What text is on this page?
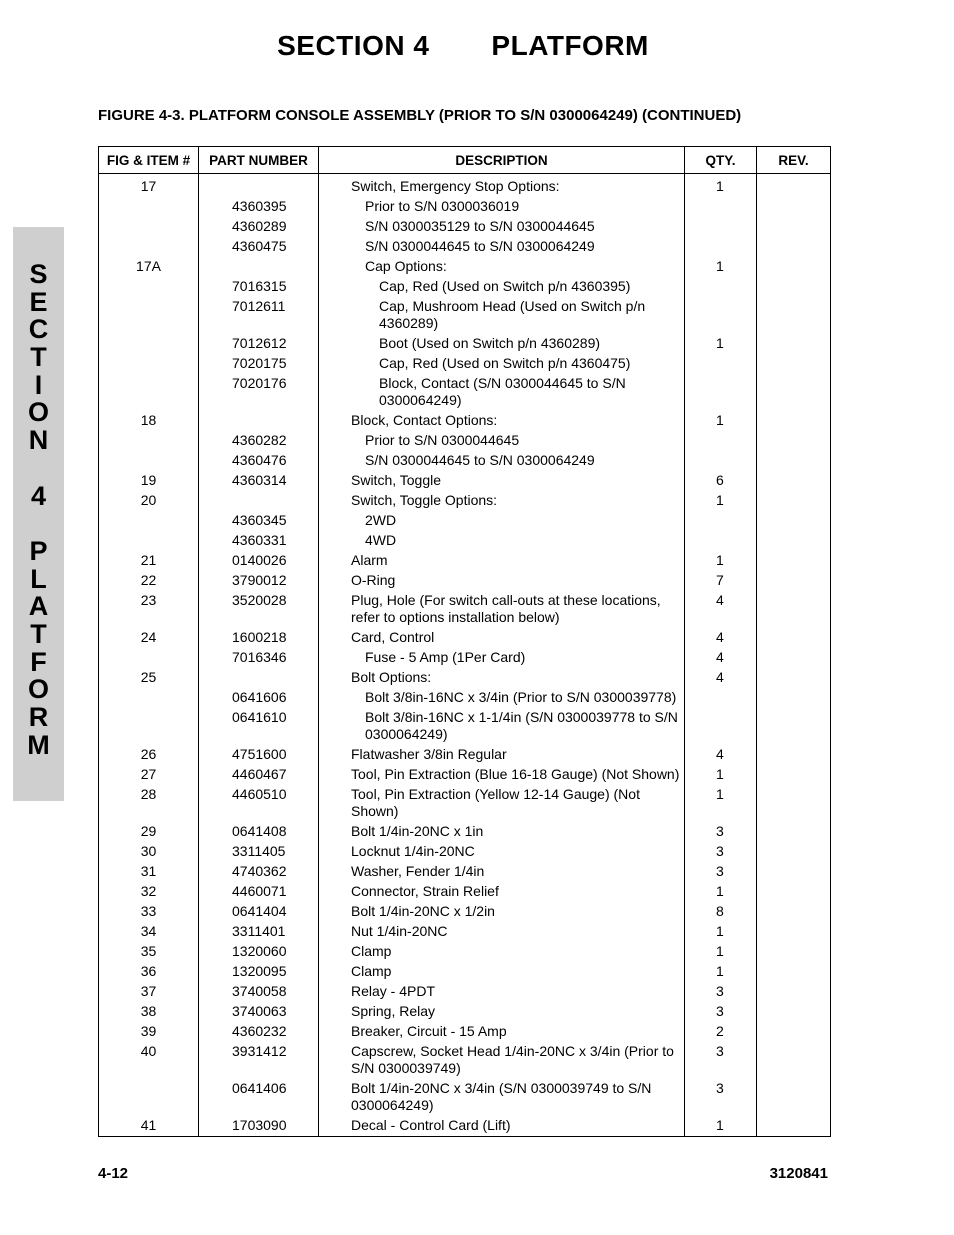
SECTION 4 PLATFORM
FIGURE 4-3. PLATFORM CONSOLE ASSEMBLY (PRIOR TO S/N 0300064249) (CONTINUED)
S
E
C
T
I
O
N
4
P
L
A
T
F
O
R
M
FIG & ITEM #	PART NUMBER	DESCRIPTION	QTY.	REV.
17		Switch, Emergency Stop Options:	1	
	4360395	Prior to S/N 0300036019		

	4360289	S/N 0300035129 to S/N 0300044645		

	4360475	S/N 0300044645 to S/N 0300064249		

17A		Cap Options:	1	
	7016315	Cap, Red (Used on Switch p/n 4360395)		

	7012611	Cap, Mushroom Head (Used on Switch p/n 4360289)		

	7012612	Boot (Used on Switch p/n 4360289)	1	
	7020175	Cap, Red (Used on Switch p/n 4360475)		

	7020176	Block, Contact (S/N 0300044645 to S/N 0300064249)		

18		Block, Contact Options:	1	
	4360282	Prior to S/N 0300044645		

	4360476	S/N 0300044645 to S/N 0300064249		

19	4360314	Switch, Toggle	6	
20		Switch, Toggle Options:	1	
	4360345	2WD		

	4360331	4WD		

21	0140026	Alarm	1	
22	3790012	O-Ring	7	
23	3520028	Plug, Hole (For switch call-outs at these locations, refer to options installation below)	4	
24	1600218	Card, Control	4	
	7016346	Fuse - 5 Amp (1Per Card)	4	
25		Bolt Options:	4	
	0641606	Bolt 3/8in-16NC x 3/4in (Prior to S/N 0300039778)		

	0641610	Bolt 3/8in-16NC x 1-1/4in (S/N 0300039778 to S/N 0300064249)		

26	4751600	Flatwasher 3/8in Regular	4	
27	4460467	Tool, Pin Extraction (Blue 16-18 Gauge) (Not Shown)	1	
28	4460510	Tool, Pin Extraction (Yellow 12-14 Gauge) (Not Shown)	1	
29	0641408	Bolt 1/4in-20NC x 1in	3	
30	3311405	Locknut 1/4in-20NC	3	
31	4740362	Washer, Fender 1/4in	3	
32	4460071	Connector, Strain Relief	1	
33	0641404	Bolt 1/4in-20NC x 1/2in	8	
34	3311401	Nut 1/4in-20NC	1	
35	1320060	Clamp	1	
36	1320095	Clamp	1	
37	3740058	Relay - 4PDT	3	
38	3740063	Spring, Relay	3	
39	4360232	Breaker, Circuit - 15 Amp	2	
40	3931412	Capscrew, Socket Head 1/4in-20NC x 3/4in (Prior to S/N 0300039749)	3	
	0641406	Bolt 1/4in-20NC x 3/4in (S/N 0300039749 to S/N 0300064249)	3	
41	1703090	Decal - Control Card (Lift)	1	
4-12	3120841
